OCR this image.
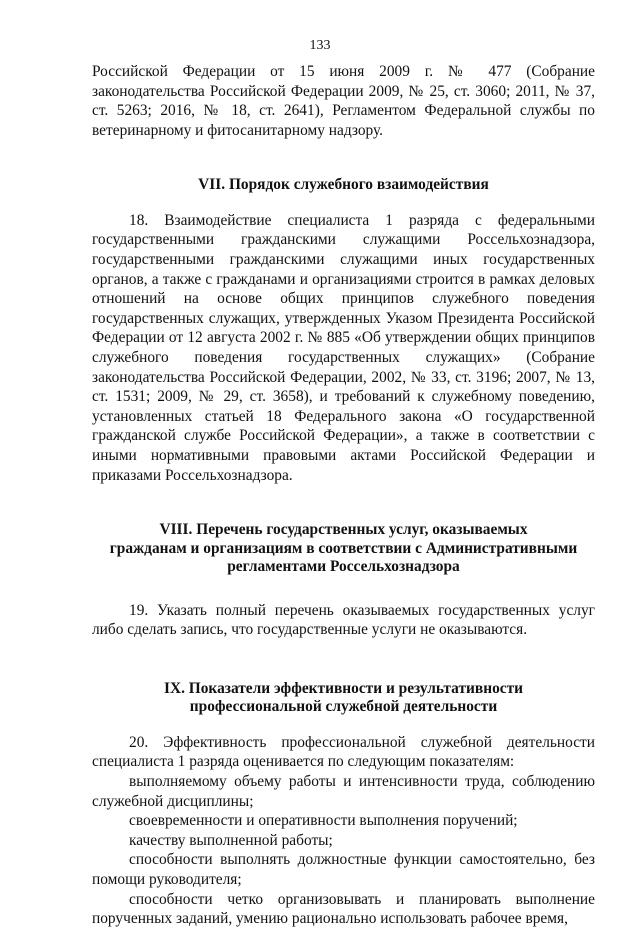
133

Российской Федерации от 15 июня 2009 г. № 477 (Собрание законодательства Российской Федерации 2009, № 25, ст. 3060; 2011, № 37, ст. 5263; 2016, № 18, ст. 2641), Регламентом Федеральной службы по ветеринарному и фитосанитарному надзору.

VII. Порядок служебного взаимодействия

18. Взаимодействие специалиста 1 разряда с федеральными государственными гражданскими служащими Россельхознадзора, государственными гражданскими служащими иных государственных органов, а также с гражданами и организациями строится в рамках деловых отношений на основе общих принципов служебного поведения государственных служащих, утвержденных Указом Президента Российской Федерации от 12 августа 2002 г. № 885 «Об утверждении общих принципов служебного поведения государственных служащих» (Собрание законодательства Российской Федерации, 2002, № 33, ст. 3196; 2007, № 13, ст. 1531; 2009, № 29, ст. 3658), и требований к служебному поведению, установленных статьей 18 Федерального закона «О государственной гражданской службе Российской Федерации», а также в соответствии с иными нормативными правовыми актами Российской Федерации и приказами Россельхознадзора.

VIII. Перечень государственных услуг, оказываемых
гражданам и организациям в соответствии с Административными
регламентами Россельхознадзора

19. Указать полный перечень оказываемых государственных услуг либо сделать запись, что государственные услуги не оказываются.

IX. Показатели эффективности и результативности
профессиональной служебной деятельности

20. Эффективность профессиональной служебной деятельности специалиста 1 разряда оценивается по следующим показателям:

выполняемому объему работы и интенсивности труда, соблюдению служебной дисциплины;

своевременности и оперативности выполнения поручений;

качеству выполненной работы;

способности выполнять должностные функции самостоятельно, без помощи руководителя;

способности четко организовывать и планировать выполнение порученных заданий, умению рационально использовать рабочее время,
